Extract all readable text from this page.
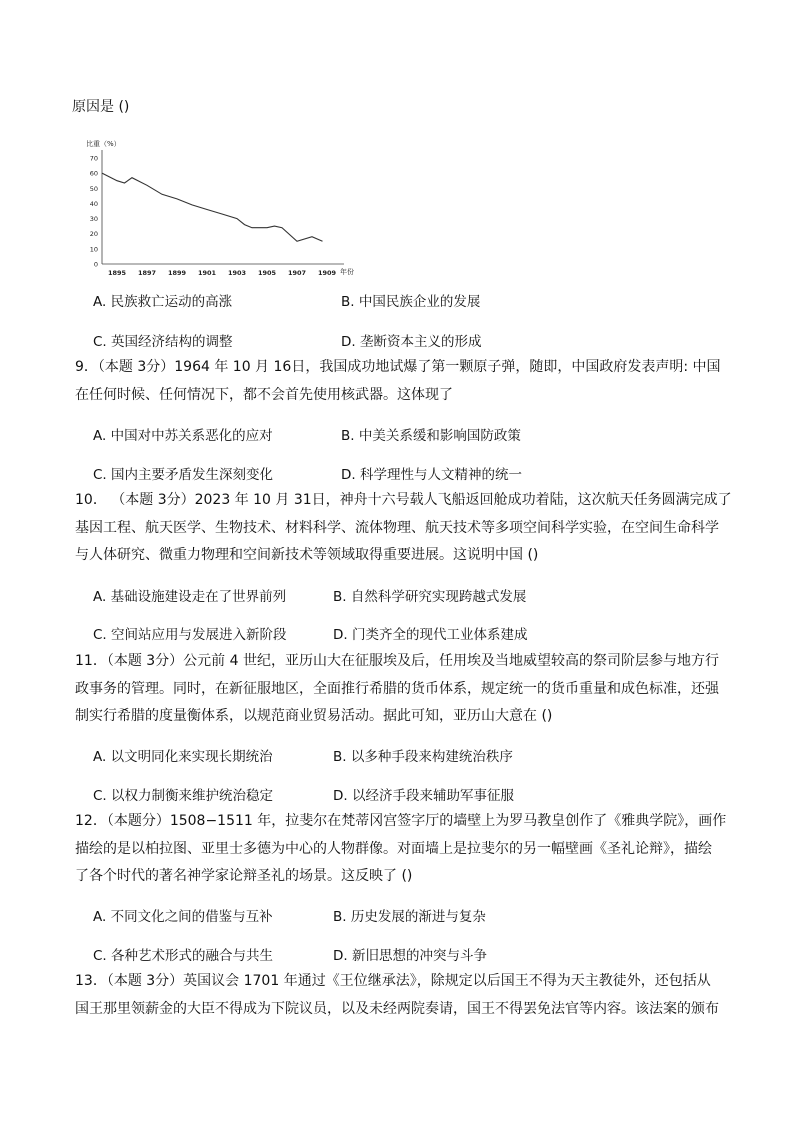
原因是 ()
比重（%）
0
10
20
30
40
50
60
70
1895 1897 1899 1901 1903 1905 1907 1909 年份
A. 民族救亡运动的高涨	B. 中国民族企业的发展
C. 英国经济结构的调整	D. 垄断资本主义的形成
9．（本题 3分）1964 年 10 月 16日，我国成功地试爆了第一颗原子弹，随即，中国政府发表声明: 中国
在任何时候、任何情况下，都不会首先使用核武器。这体现了
A. 中国对中苏关系恶化的应对	B. 中美关系缓和影响国防政策
C. 国内主要矛盾发生深刻变化	D. 科学理性与人文精神的统一
10． （本题 3分）2023 年 10 月 31日，神舟十六号载人飞船返回舱成功着陆，这次航天任务圆满完成了
基因工程、航天医学、生物技术、材料科学、流体物理、航天技术等多项空间科学实验，在空间生命科学
与人体研究、微重力物理和空间新技术等领域取得重要进展。这说明中国 ()
A. 基础设施建设走在了世界前列	B. 自然科学研究实现跨越式发展
C. 空间站应用与发展进入新阶段	D. 门类齐全的现代工业体系建成
11．（本题 3分）公元前 4 世纪，亚历山大在征服埃及后，任用埃及当地威望较高的祭司阶层参与地方行
政事务的管理。同时，在新征服地区，全面推行希腊的货币体系，规定统一的货币重量和成色标准，还强
制实行希腊的度量衡体系，以规范商业贸易活动。据此可知，亚历山大意在 ()
A. 以文明同化来实现长期统治	B. 以多种手段来构建统治秩序
C. 以权力制衡来维护统治稳定	D. 以经济手段来辅助军事征服
12．（本题分）1508−1511 年，拉斐尔在梵蒂冈宫签字厅的墙壁上为罗马教皇创作了《雅典学院》，画作
描绘的是以柏拉图、亚里士多德为中心的人物群像。对面墙上是拉斐尔的另一幅壁画《圣礼论辩》，描绘
了各个时代的著名神学家论辩圣礼的场景。这反映了 ()
A. 不同文化之间的借鉴与互补	B. 历史发展的渐进与复杂
C. 各种艺术形式的融合与共生	D. 新旧思想的冲突与斗争
13．（本题 3分）英国议会 1701 年通过《王位继承法》，除规定以后国王不得为天主教徒外，还包括从
国王那里领薪金的大臣不得成为下院议员，以及未经两院奏请，国王不得罢免法官等内容。该法案的颁布
